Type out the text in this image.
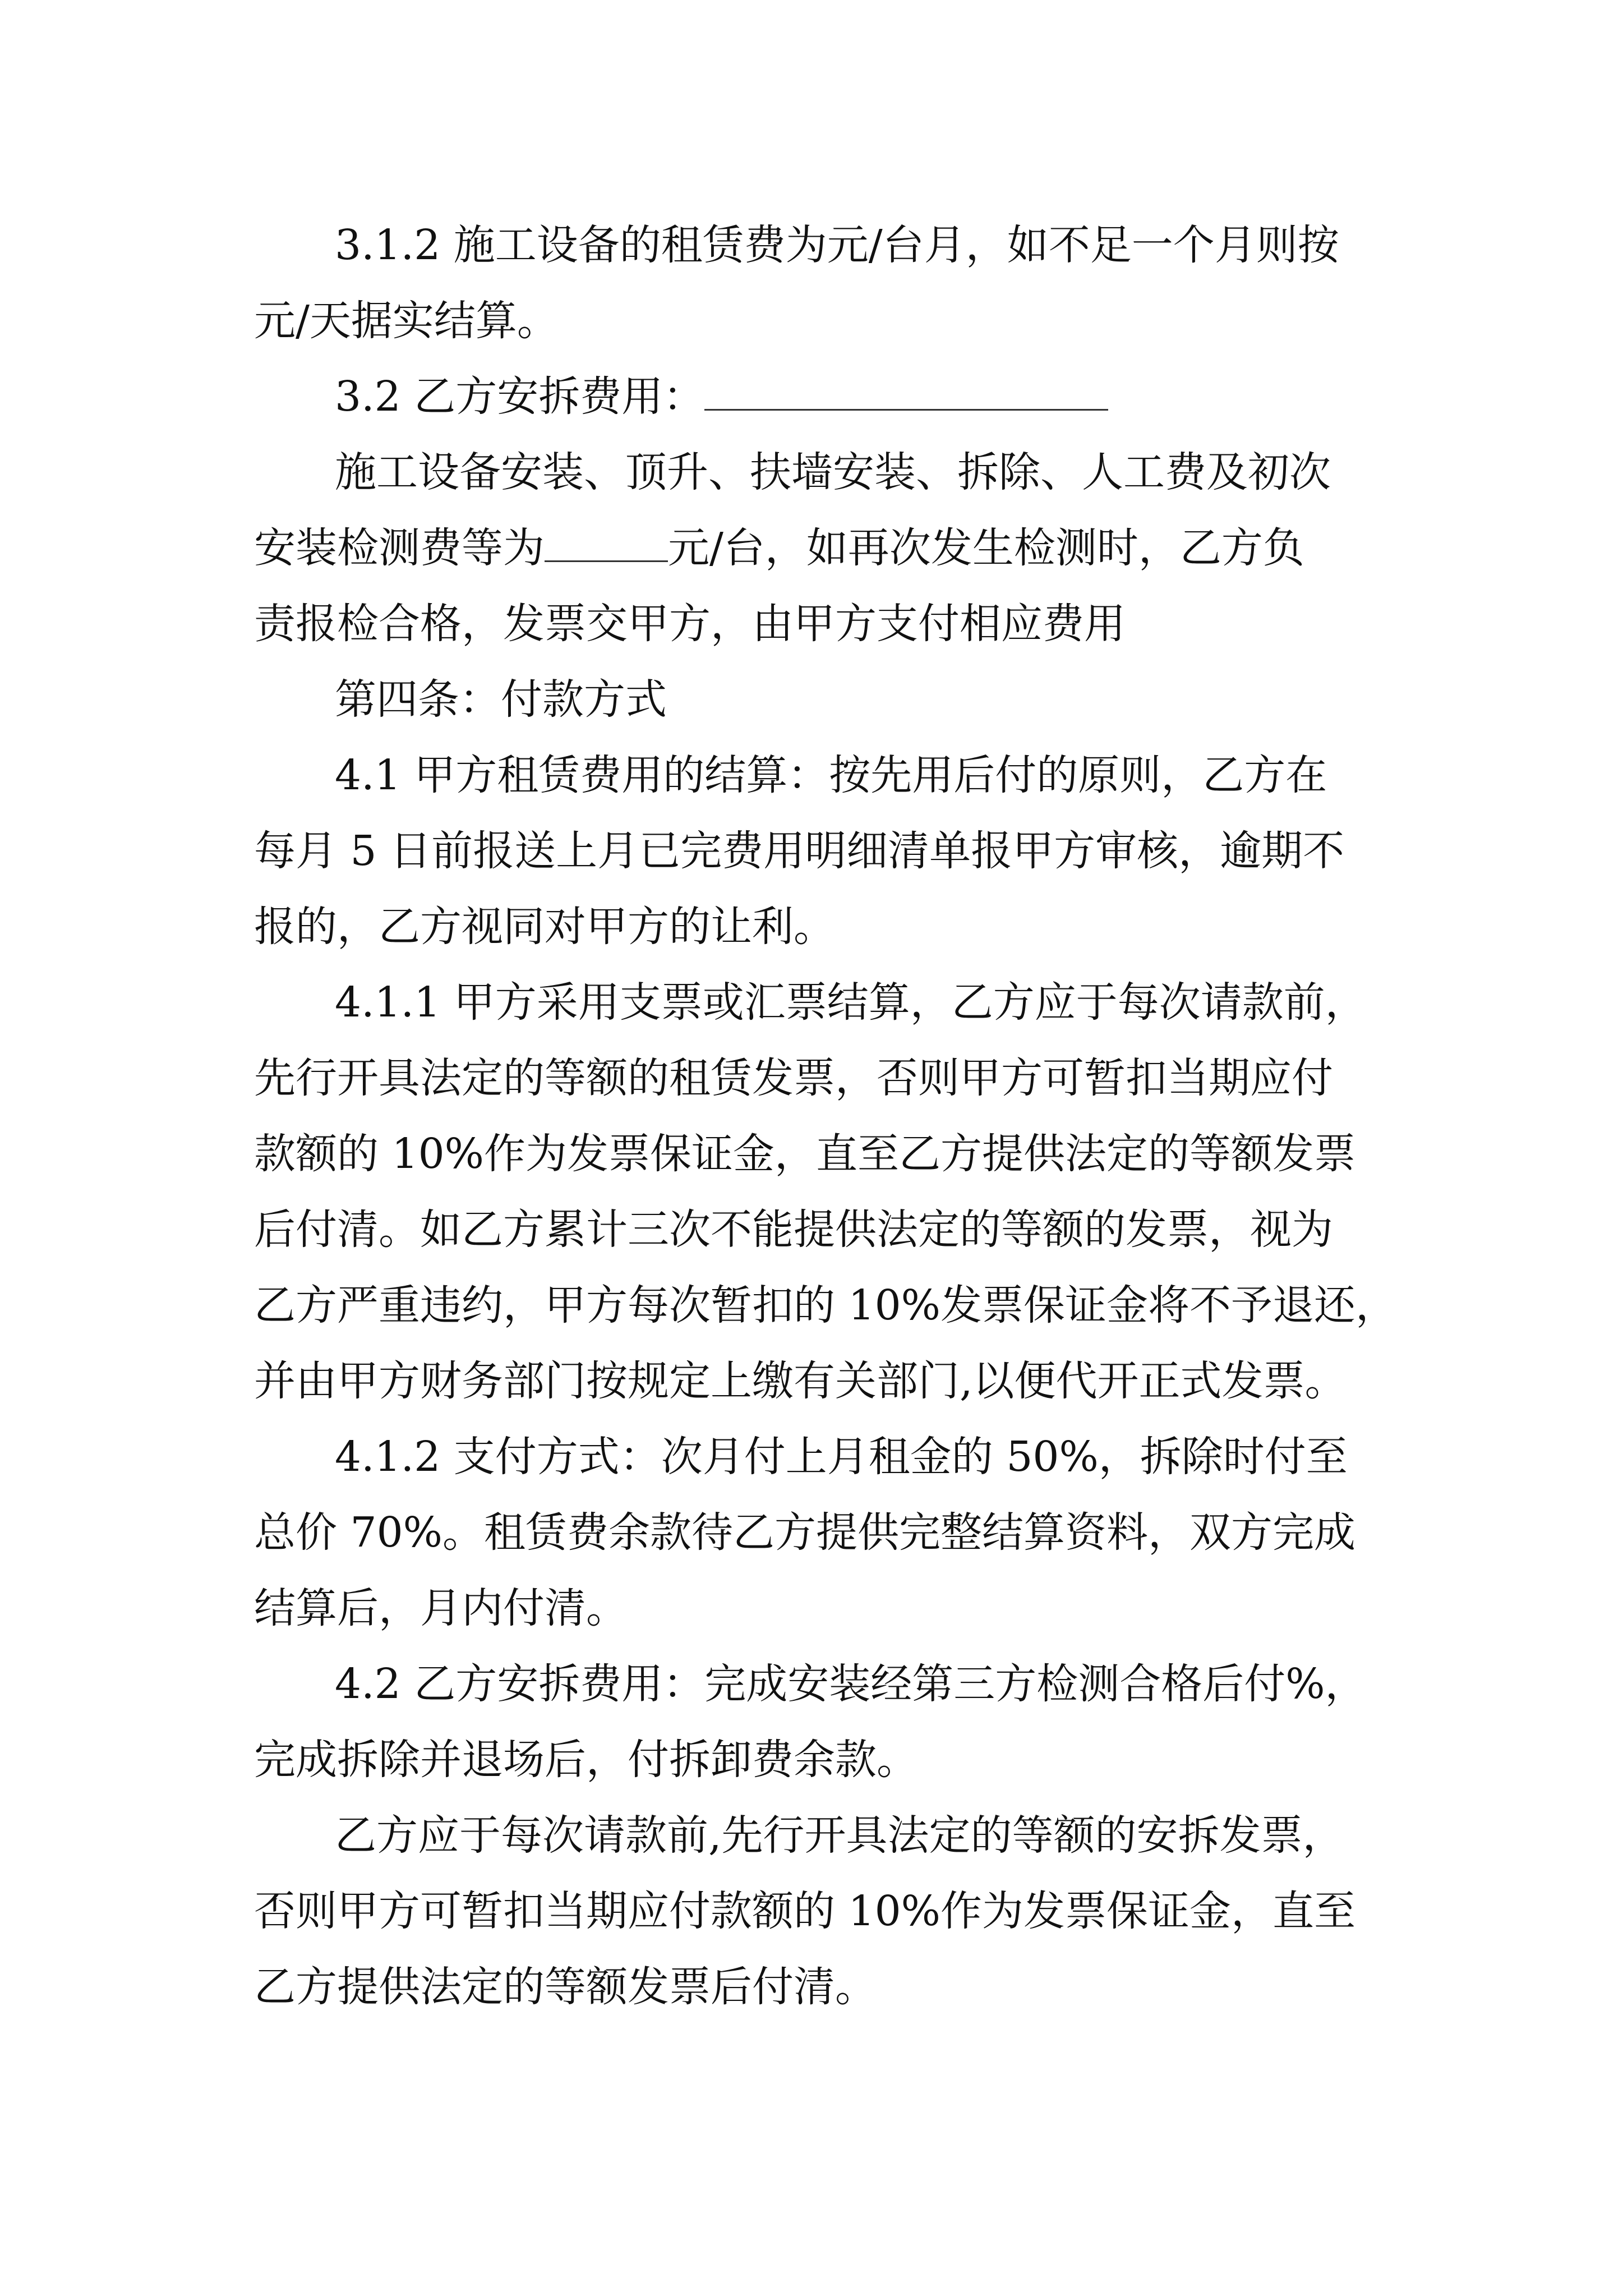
3.1.2 施工设备的租赁费为元/台月，如不足一个月则按
元/天据实结算。
3.2 乙方安拆费用：
施工设备安装、顶升、扶墙安装、拆除、人工费及初次
安装检测费等为	元/台，如再次发生检测时，乙方负
责报检合格，发票交甲方，由甲方支付相应费用
第四条：付款方式
4.1 甲方租赁费用的结算：按先用后付的原则，乙方在
每月 5 日前报送上月已完费用明细清单报甲方审核，逾期不
报的，乙方视同对甲方的让利。
4.1.1 甲方采用支票或汇票结算，乙方应于每次请款前，
先行开具法定的等额的租赁发票，否则甲方可暂扣当期应付
款额的 10%作为发票保证金，直至乙方提供法定的等额发票
后付清。如乙方累计三次不能提供法定的等额的发票，视为
乙方严重违约，甲方每次暂扣的 10%发票保证金将不予退还，
并由甲方财务部门按规定上缴有关部门,以便代开正式发票。
4.1.2 支付方式：次月付上月租金的 50%，拆除时付至
总价 70%。租赁费余款待乙方提供完整结算资料，双方完成
结算后，月内付清。
4.2 乙方安拆费用：完成安装经第三方检测合格后付%，
完成拆除并退场后，付拆卸费余款。
乙方应于每次请款前,先行开具法定的等额的安拆发票，
否则甲方可暂扣当期应付款额的 10%作为发票保证金，直至
乙方提供法定的等额发票后付清。
